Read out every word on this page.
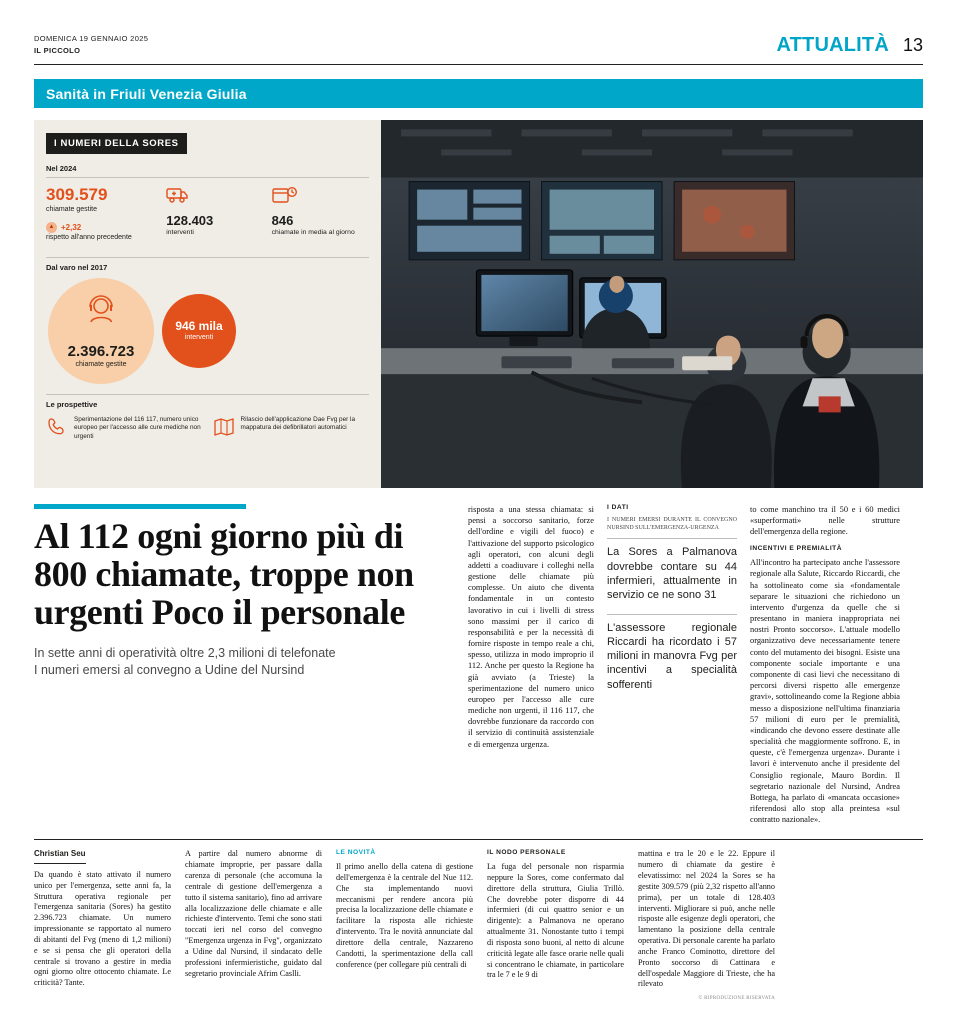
DOMENICA 19 GENNAIO 2025
IL PICCOLO	ATTUALITÀ 13
Sanità in Friuli Venezia Giulia
I NUMERI DELLA SORES
Nel 2024
309.579
chiamate gestite
▲ +2,32
rispetto all'anno precedente
128.403
interventi
846
chiamate in media al giorno
Dal varo nel 2017
2.396.723
chiamate gestite
946 mila
interventi
Le prospettive
Sperimentazione del 116 117, numero unico europeo per l'accesso alle cure mediche non urgenti
Rilascio dell'applicazione Dae Fvg per la mappatura dei defibrillatori automatici
Al 112 ogni giorno più di 800 chiamate, troppe non urgenti Poco il personale
In sette anni di operatività oltre 2,3 milioni di telefonate
I numeri emersi al convegno a Udine del Nursind
risposta a una stessa chiamata: si pensi a soccorso sanitario, forze dell'ordine e vigili del fuoco) e l'attivazione del supporto psicologico agli operatori, con alcuni degli addetti a coadiuvare i colleghi nella gestione delle chiamate più complesse. Un aiuto che diventa fondamentale in un contesto lavorativo in cui i livelli di stress sono massimi per il carico di responsabilità e per la necessità di fornire risposte in tempo reale a chi, spesso, utilizza in modo improprio il 112. Anche per questo la Regione ha già avviato (a Trieste) la sperimentazione del numero unico europeo per l'accesso alle cure mediche non urgenti, il 116 117, che dovrebbe funzionare da raccordo con il servizio di continuità assistenziale e di emergenza urgenza.
I DATI
I NUMERI EMERSI DURANTE IL CONVEGNO NURSIND SULL'EMERGENZA-URGENZA
La Sores a Palmanova dovrebbe contare su 44 infermieri, attualmente in servizio ce ne sono 31
L'assessore regionale Riccardi ha ricordato i 57 milioni in manovra Fvg per incentivi a specialità sofferenti
to come manchino tra il 50 e i 60 medici «superformati» nelle strutture dell'emergenza della regione.
INCENTIVI E PREMIALITÀ
All'incontro ha partecipato anche l'assessore regionale alla Salute, Riccardo Riccardi, che ha sottolineato come sia «fondamentale separare le situazioni che richiedono un intervento d'urgenza da quelle che si presentano in maniera inappropriata nei nostri Pronto soccorso». L'attuale modello organizzativo deve necessariamente tenere conto del mutamento dei bisogni. Esiste una componente sociale importante e una componente di casi lievi che necessitano di percorsi diversi rispetto alle emergenze gravi», sottolineando come la Regione abbia messo a disposizione nell'ultima finanziaria 57 milioni di euro per le premialità, «indicando che devono essere destinate alle specialità che maggiormente soffrono. E, in queste, c'è l'emergenza urgenza». Durante i lavori è intervenuto anche il presidente del Consiglio regionale, Mauro Bordin. Il segretario nazionale del Nursind, Andrea Bottega, ha parlato di «mancata occasione» riferendosi allo stop alla preintesa «sul contratto nazionale».
Christian Seu

Da quando è stato attivato il numero unico per l'emergenza, sette anni fa, la Struttura operativa regionale per l'emergenza sanitaria (Sores) ha gestito 2.396.723 chiamate. Un numero impressionante se rapportato al numero di abitanti del Fvg (meno di 1,2 milioni) e se si pensa che gli operatori della centrale si trovano a gestire in media ogni giorno oltre ottocento chiamate. Le criticità? Tante.

A partire dal numero abnorme di chiamate improprie, per passare dalla carenza di personale (che accomuna la centrale di gestione dell'emergenza a tutto il sistema sanitario), fino ad arrivare alla localizzazione delle chiamate e alle richieste d'intervento. Temi che sono stati toccati ieri nel corso del convegno "Emergenza urgenza in Fvg", organizzato a Udine dal Nursind, il sindacato delle professioni infermieristiche, guidato dal segretario provinciale Afrim Caslli.

LE NOVITÀ

Il primo anello della catena di gestione dell'emergenza è la centrale del Nue 112. Che sta implementando nuovi meccanismi per rendere ancora più precisa la localizzazione delle chiamate e facilitare la risposta alle richieste d'intervento. Tra le novità annunciate dal direttore della centrale, Nazzareno Candotti, la sperimentazione della call conference (per collegare più centrali di

IL NODO PERSONALE

La fuga del personale non risparmia neppure la Sores, come confermato dal direttore della struttura, Giulia Trillò. Che dovrebbe poter disporre di 44 infermieri (di cui quattro senior e un dirigente): a Palmanova ne operano attualmente 31. Nonostante tutto i tempi di risposta sono buoni, al netto di alcune criticità legate alle fasce orarie nelle quali si concentrano le chiamate, in particolare tra le 7 e le 9 di

mattina e tra le 20 e le 22. Eppure il numero di chiamate da gestire è elevatissimo: nel 2024 la Sores se ha gestite 309.579 (più 2,32 rispetto all'anno prima), per un totale di 128.403 interventi. Migliorare si può, anche nelle risposte alle esigenze degli operatori, che lamentano la posizione della centrale operativa. Di personale carente ha parlato anche Franco Cominotto, direttore del Pronto soccorso di Cattinara e dell'ospedale Maggiore di Trieste, che ha rilevato

© RIPRODUZIONE RISERVATA
